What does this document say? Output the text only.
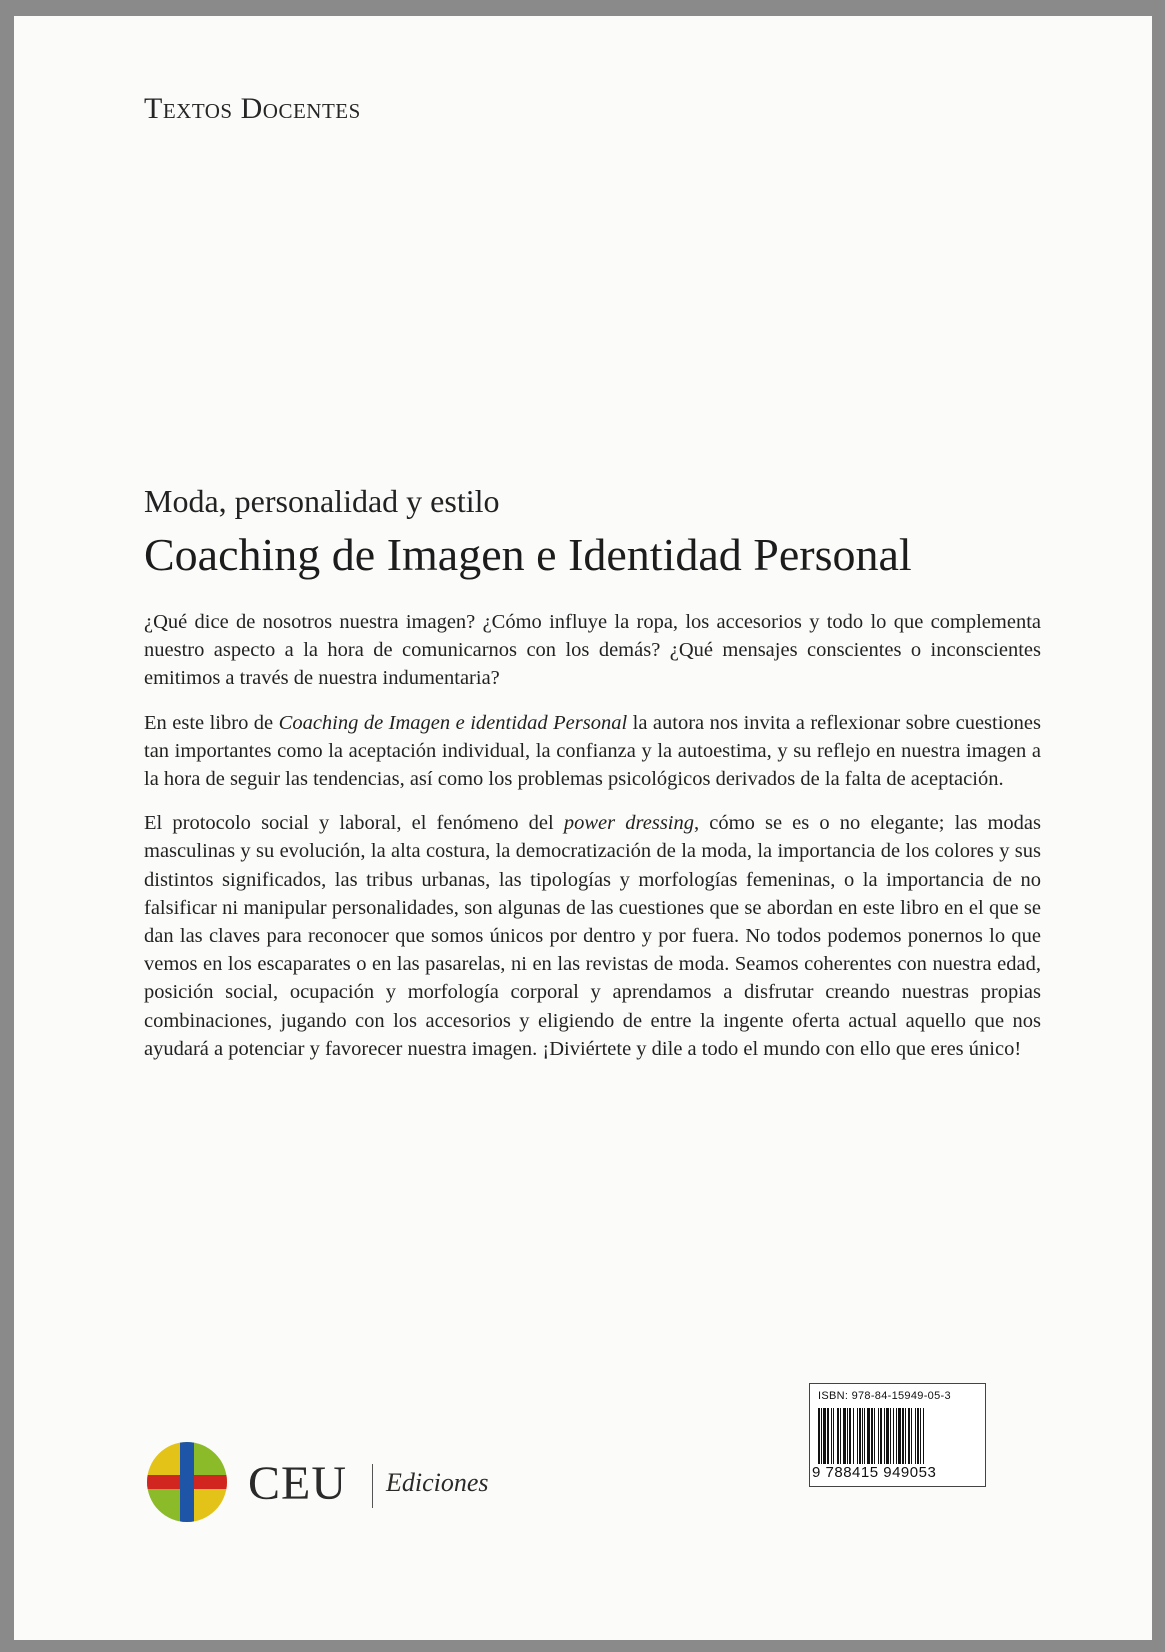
Textos Docentes
Moda, personalidad y estilo
Coaching de Imagen e Identidad Personal

¿Qué dice de nosotros nuestra imagen? ¿Cómo influye la ropa, los accesorios y todo lo que complementa nuestro aspecto a la hora de comunicarnos con los demás? ¿Qué mensajes conscientes o inconscientes emitimos a través de nuestra indumentaria?

En este libro de Coaching de Imagen e identidad Personal la autora nos invita a reflexionar sobre cuestiones tan importantes como la aceptación individual, la confianza y la autoestima, y su reflejo en nuestra imagen a la hora de seguir las tendencias, así como los problemas psicológicos derivados de la falta de aceptación.

El protocolo social y laboral, el fenómeno del power dressing, cómo se es o no elegante; las modas masculinas y su evolución, la alta costura, la democratización de la moda, la importancia de los colores y sus distintos significados, las tribus urbanas, las tipologías y morfologías femeninas, o la importancia de no falsificar ni manipular personalidades, son algunas de las cuestiones que se abordan en este libro en el que se dan las claves para reconocer que somos únicos por dentro y por fuera. No todos podemos ponernos lo que vemos en los escaparates o en las pasarelas, ni en las revistas de moda. Seamos coherentes con nuestra edad, posición social, ocupación y morfología corporal y aprendamos a disfrutar creando nuestras propias combinaciones, jugando con los accesorios y eligiendo de entre la ingente oferta actual aquello que nos ayudará a potenciar y favorecer nuestra imagen. ¡Diviértete y dile a todo el mundo con ello que eres único!

CEU Ediciones
ISBN: 978-84-15949-05-3
9 788415 949053
